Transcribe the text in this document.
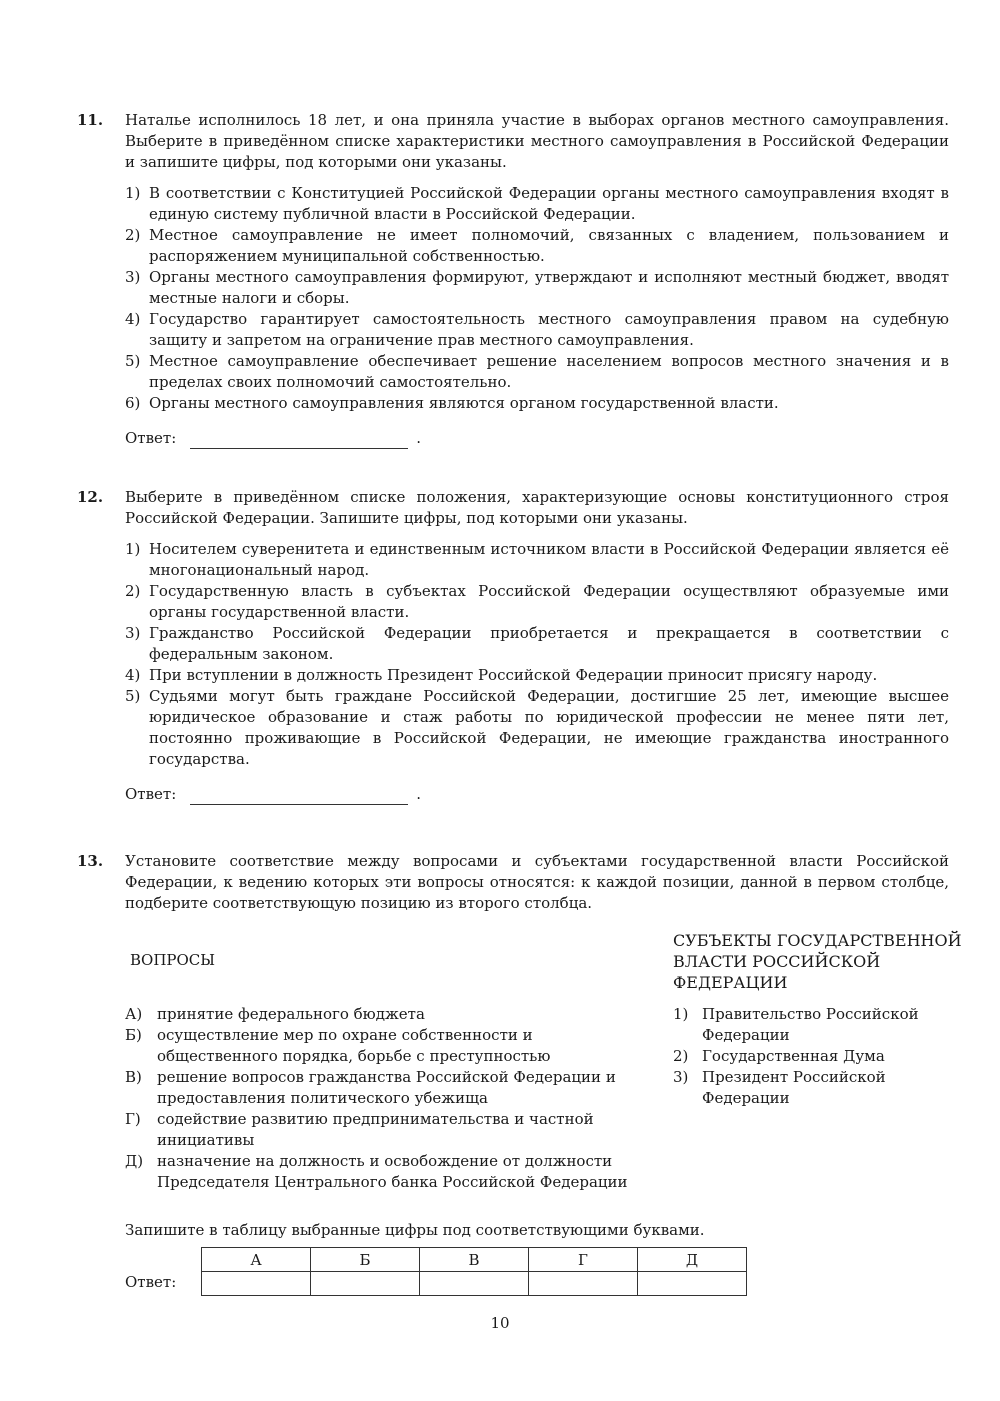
11. Наталье исполнилось 18 лет, и она приняла участие в выборах органов местного самоуправления. Выберите в приведённом списке характеристики местного самоуправления в Российской Федерации и запишите цифры, под которыми они указаны.

1) В соответствии с Конституцией Российской Федерации органы местного самоуправления входят в единую систему публичной власти в Российской Федерации.
2) Местное самоуправление не имеет полномочий, связанных с владением, пользованием и распоряжением муниципальной собственностью.
3) Органы местного самоуправления формируют, утверждают и исполняют местный бюджет, вводят местные налоги и сборы.
4) Государство гарантирует самостоятельность местного самоуправления правом на судебную защиту и запретом на ограничение прав местного самоуправления.
5) Местное самоуправление обеспечивает решение населением вопросов местного значения и в пределах своих полномочий самостоятельно.
6) Органы местного самоуправления являются органом государственной власти.
Ответ:	.
12. Выберите в приведённом списке положения, характеризующие основы конституционного строя Российской Федерации. Запишите цифры, под которыми они указаны.

1) Носителем суверенитета и единственным источником власти в Российской Федерации является её многонациональный народ.
2) Государственную власть в субъектах Российской Федерации осуществляют образуемые ими органы государственной власти.
3) Гражданство Российской Федерации приобретается и прекращается в соответствии с федеральным законом.
4) При вступлении в должность Президент Российской Федерации приносит присягу народу.
5) Судьями могут быть граждане Российской Федерации, достигшие 25 лет, имеющие высшее юридическое образование и стаж работы по юридической профессии не менее пяти лет, постоянно проживающие в Российской Федерации, не имеющие гражданства иностранного государства.
Ответ:	.
13. Установите соответствие между вопросами и субъектами государственной власти Российской Федерации, к ведению которых эти вопросы относятся: к каждой позиции, данной в первом столбце, подберите соответствующую позицию из второго столбца.

ВОПРОСЫ
А) принятие федерального бюджета
Б)	осуществление мер по охране собственности и общественного порядка, борьбе с преступностью
В)	решение вопросов гражданства Российской Федерации и предоставления политического убежища
Г)	содействие развитию предпринимательства и частной инициативы
Д) назначение на должность и освобождение от должности Председателя Центрального банка Российской Федерации
СУБЪЕКТЫ ГОСУДАРСТВЕННОЙ ВЛАСТИ РОССИЙСКОЙ ФЕДЕРАЦИИ
1) Правительство Российской Федерации
2) Государственная Дума
3) Президент Российской Федерации
Запишите в таблицу выбранные цифры под соответствующими буквами.
Ответ:
А	Б	В	Г	Д

10
